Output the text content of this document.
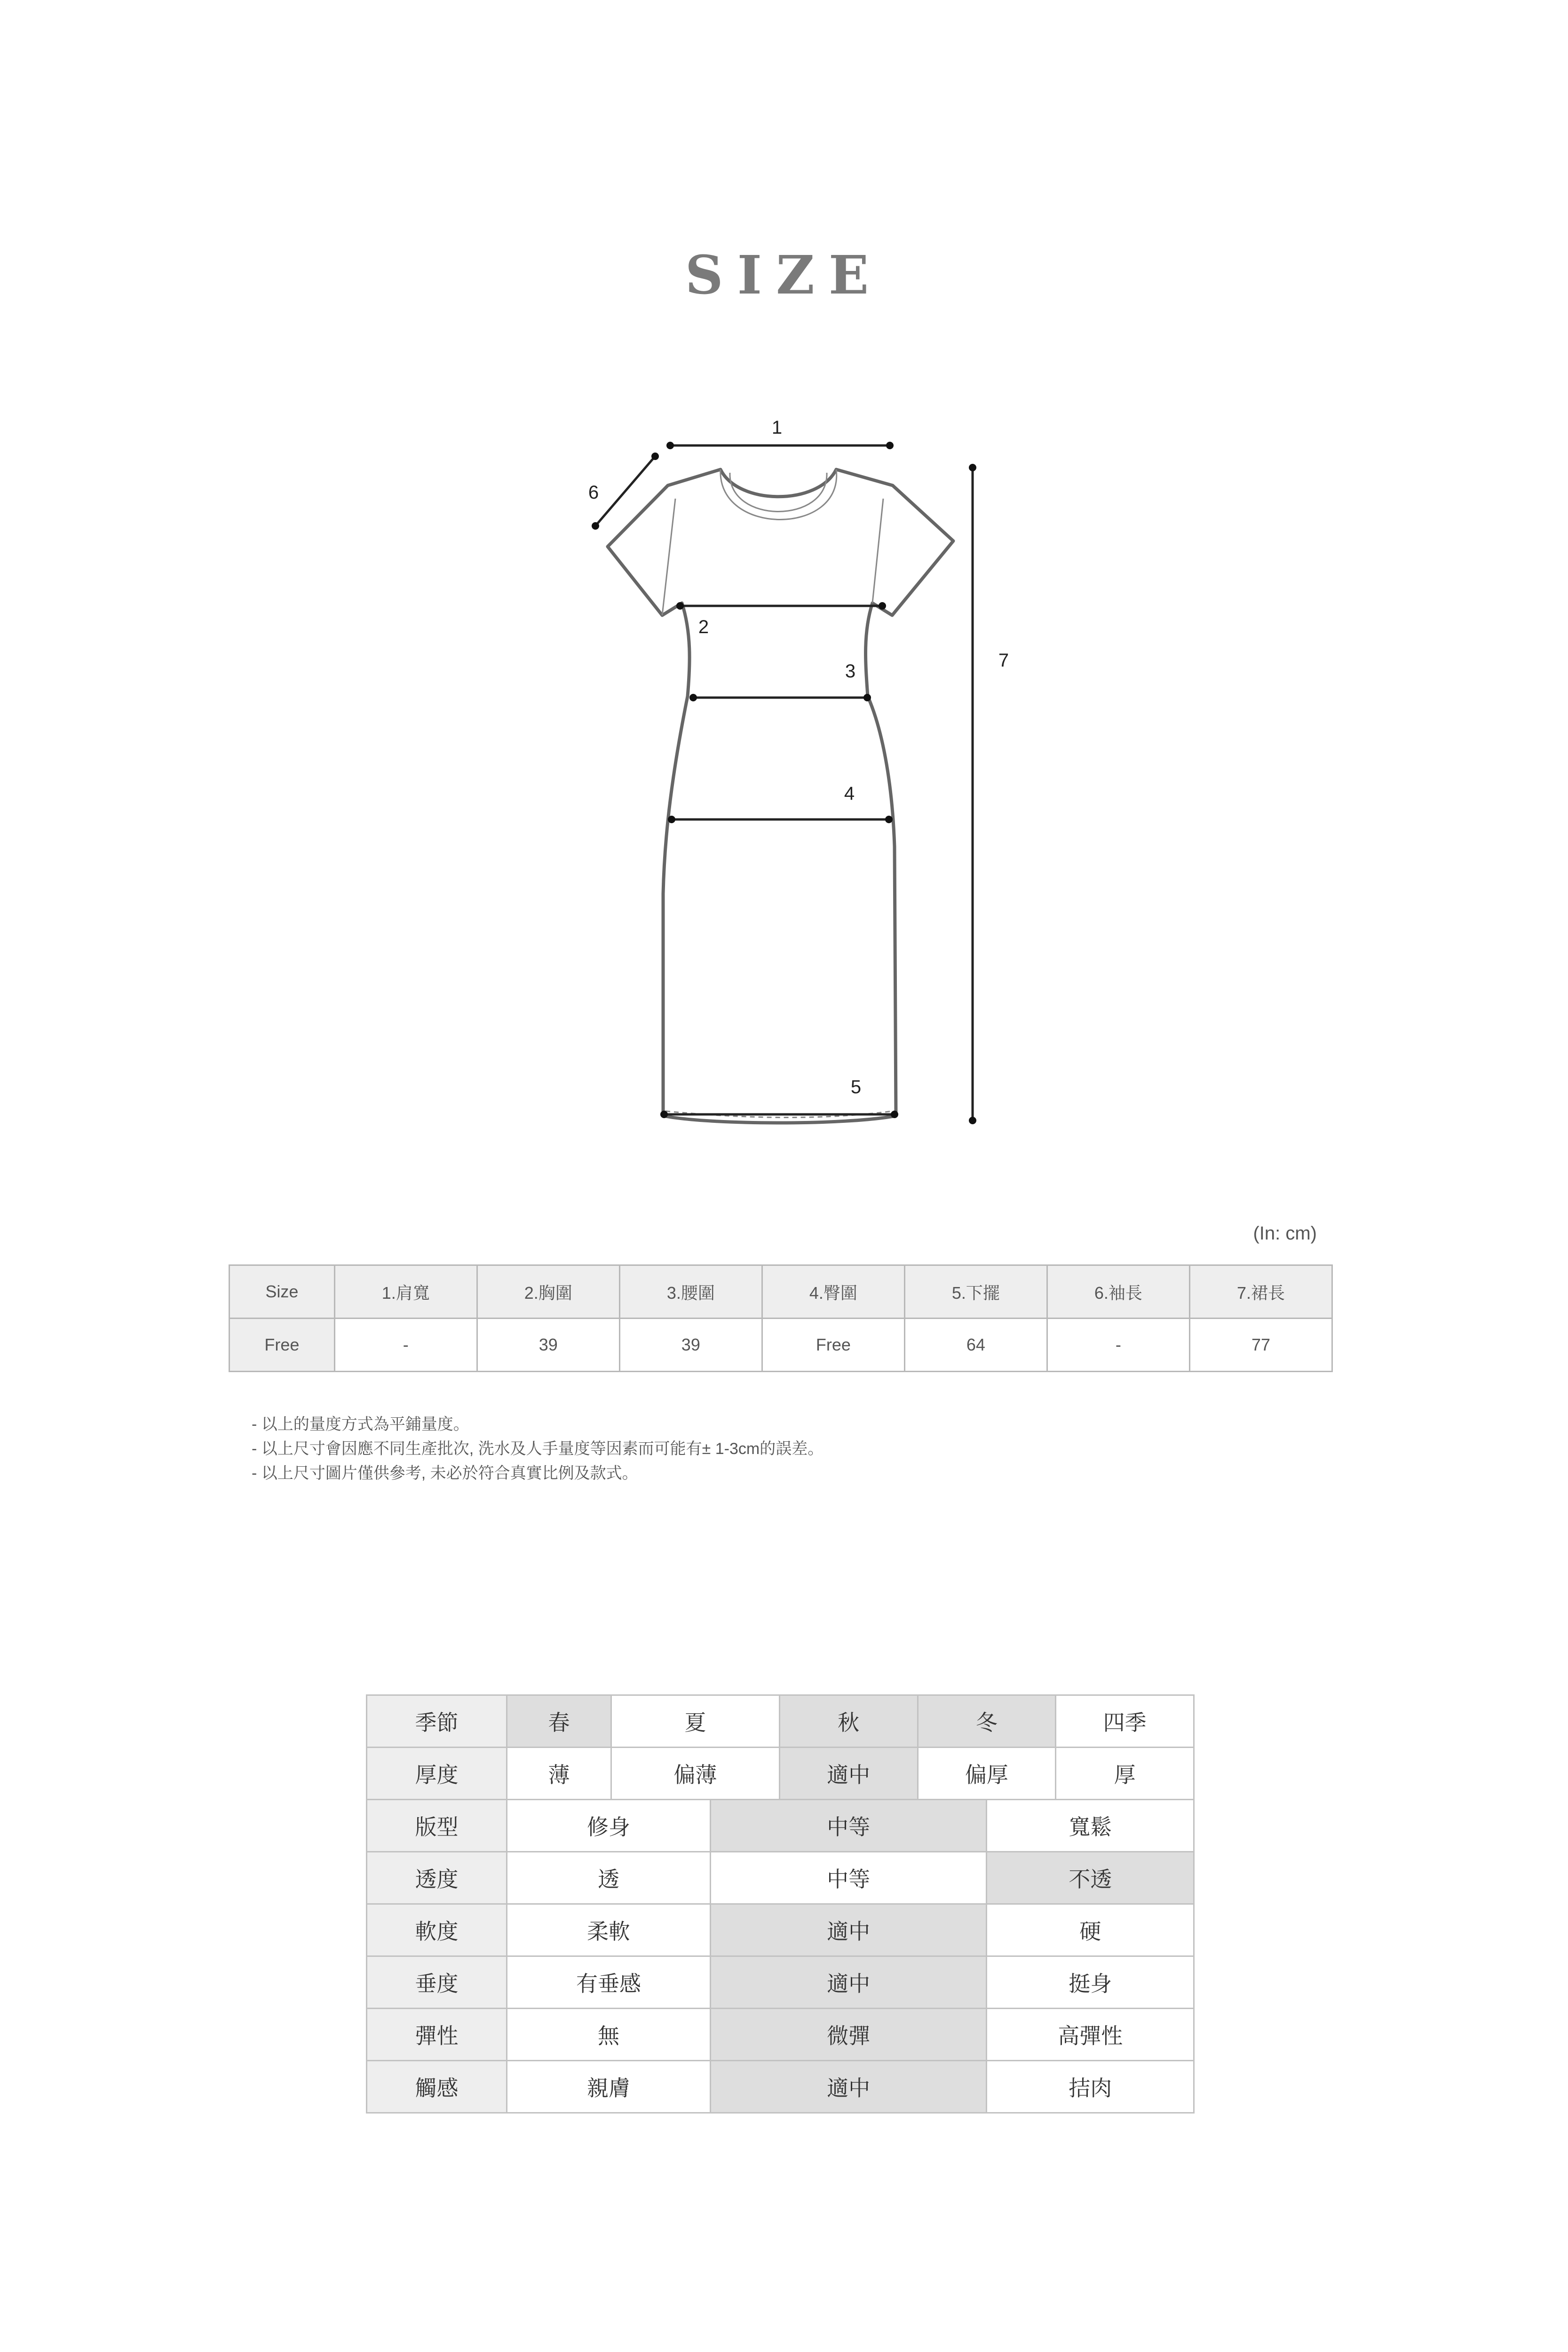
SIZE
1
2
3
4
5
6
7
(In: cm)
Size	1.肩寬	2.胸圍	3.腰圍	4.臀圍	5.下擺	6.袖長	7.裙長
Free	-	39	39	Free	64	-	77
- 以上的量度方式為平鋪量度。
- 以上尺寸會因應不同生產批次, 洗水及人手量度等因素而可能有± 1-3cm的誤差。
- 以上尺寸圖片僅供參考, 未必於符合真實比例及款式。
季節	春	夏		秋	冬		四季
厚度	薄	偏薄		適中	偏厚		厚
版型	修身		中等			寬鬆	
透度	透		中等			不透	
軟度	柔軟		適中			硬	
垂度	有垂感		適中			挺身	
彈性	無		微彈			高彈性	
觸感	親膚		適中			拮肉	
